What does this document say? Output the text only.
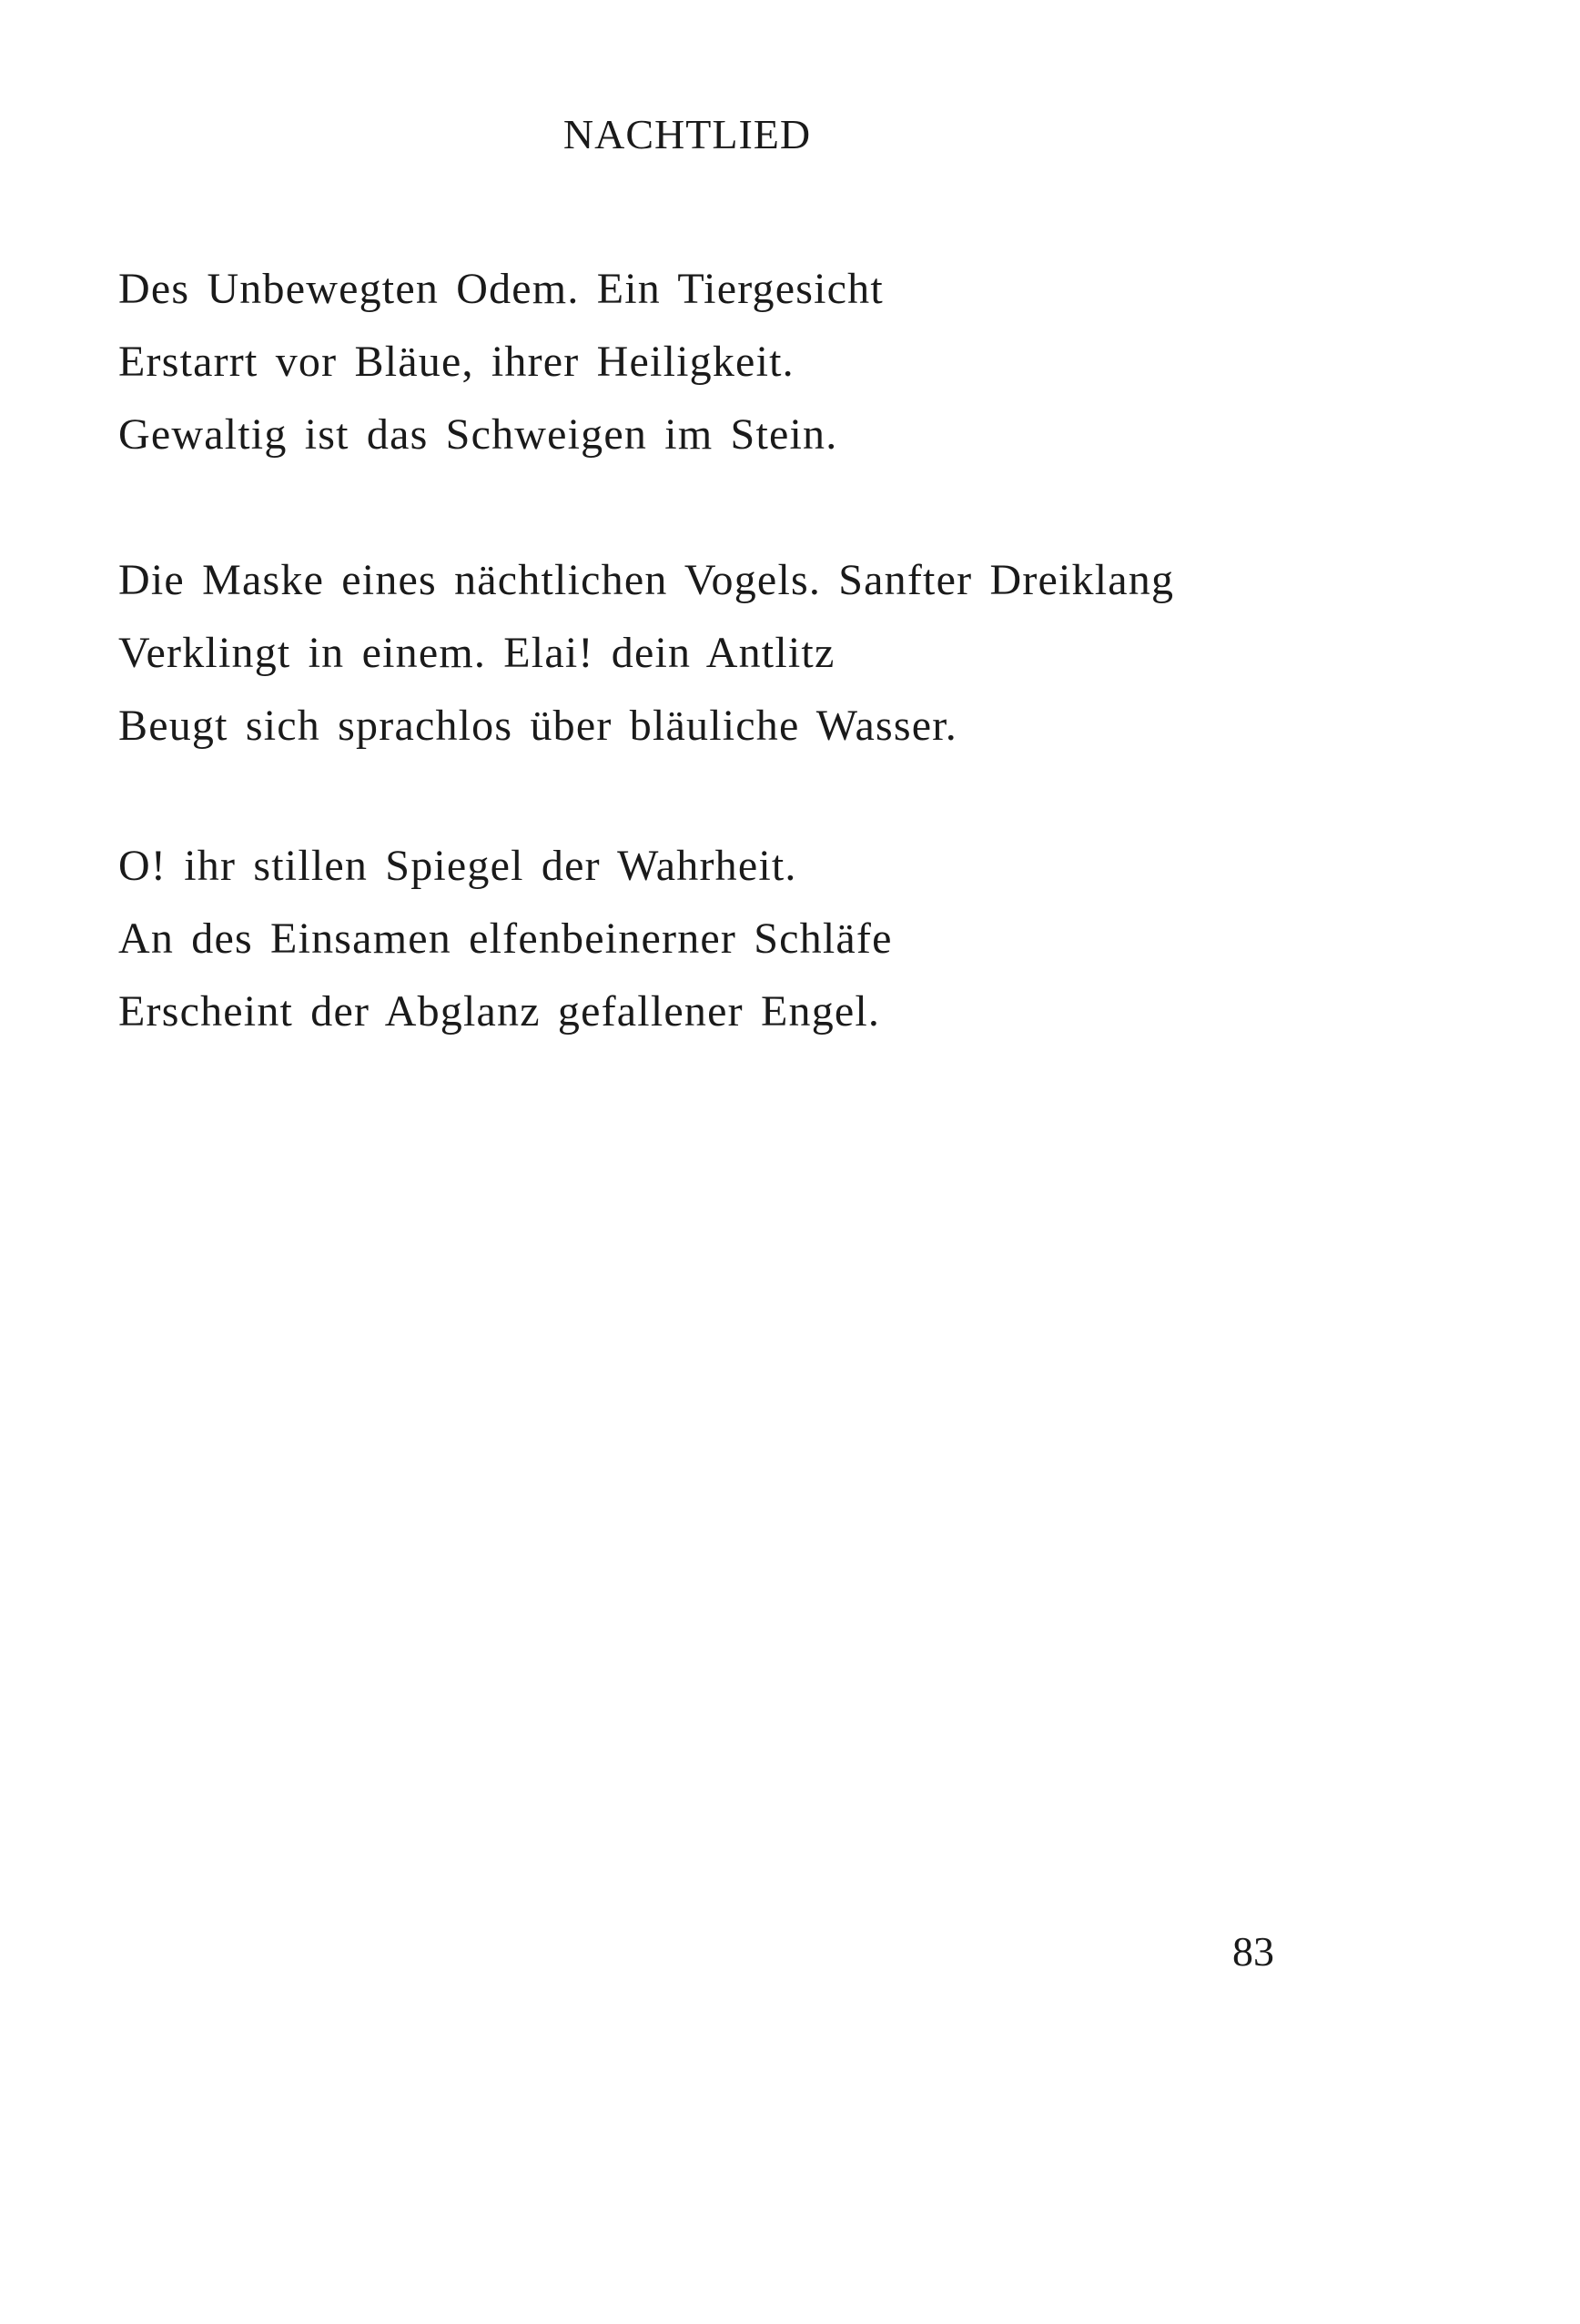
NACHTLIED
Des Unbewegten Odem. Ein Tiergesicht
Erstarrt vor Bläue, ihrer Heiligkeit.
Gewaltig ist das Schweigen im Stein.
Die Maske eines nächtlichen Vogels. Sanfter Dreiklang
Verklingt in einem. Elai! dein Antlitz
Beugt sich sprachlos über bläuliche Wasser.
O! ihr stillen Spiegel der Wahrheit.
An des Einsamen elfenbeinerner Schläfe
Erscheint der Abglanz gefallener Engel.
83
